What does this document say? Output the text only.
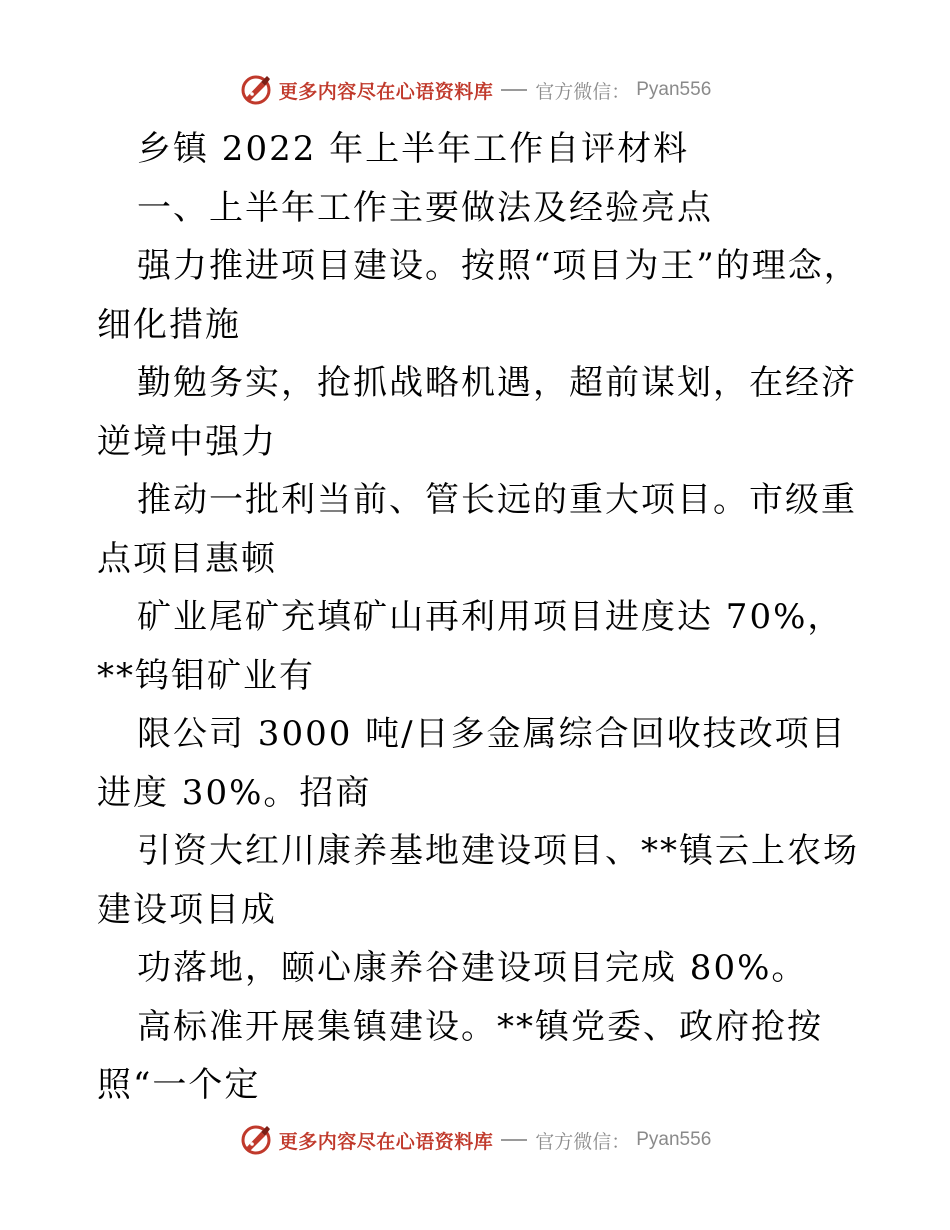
更多内容尽在心语资料库 官方微信： Pyan556

乡镇 2022 年上半年工作自评材料

一、上半年工作主要做法及经验亮点

强力推进项目建设。按照“项目为王”的理念，细化措施

勤勉务实，抢抓战略机遇，超前谋划，在经济逆境中强力

推动一批利当前、管长远的重大项目。市级重点项目惠顿

矿业尾矿充填矿山再利用项目进度达 70%，**钨钼矿业有

限公司 3000 吨/日多金属综合回收技改项目进度 30%。招商

引资大红川康养基地建设项目、**镇云上农场建设项目成

功落地，颐心康养谷建设项目完成 80%。

高标准开展集镇建设。**镇党委、政府抢按照“一个定

更多内容尽在心语资料库 官方微信： Pyan556
